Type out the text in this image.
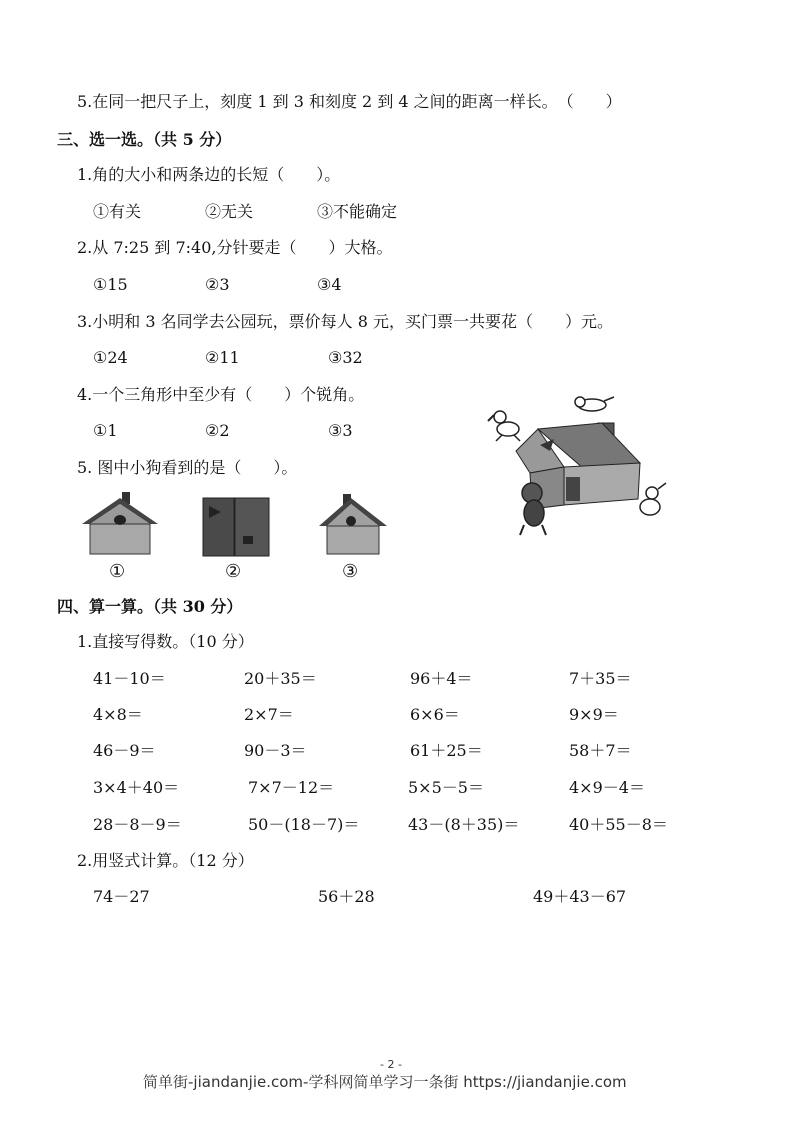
5.在同一把尺子上，刻度 1 到 3 和刻度 2 到 4 之间的距离一样长。　（　　）
三、选一选。（共 5 分）
1.角的大小和两条边的长短（　　）。
①有关	②无关	③不能确定
2.从 7:25 到 7:40,分针要走（　　）大格。
①15	②3	③4
3.小明和 3 名同学去公园玩，票价每人 8 元，买门票一共要花（　　）元。
①24	②11	③32
4.一个三角形中至少有（　　）个锐角。
①1	②2	③3
5. 图中小狗看到的是（　　）。
①	②	③
四、算一算。（共 30 分）
1.直接写得数。（10 分）
41－10＝	20＋35＝	96＋4＝	7＋35＝
4×8＝	2×7＝	6×6＝	9×9＝
46－9＝	90－3＝	61＋25＝	58＋7＝
3×4＋40＝	7×7－12＝	5×5－5＝	4×9－4＝
28－8－9＝	50－(18－7)＝	43－(8＋35)＝	40＋55－8＝
2.用竖式计算。（12 分）
74－27	56＋28	49＋43－67
- 2 -
简单街-jiandanjie.com-学科网简单学习一条街 https://jiandanjie.com
